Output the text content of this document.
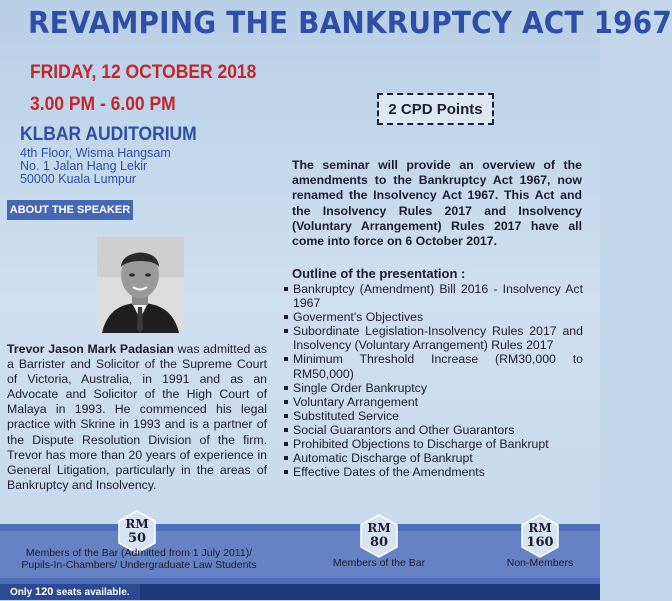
REVAMPING THE BANKRUPTCY ACT 1967
FRIDAY, 12 OCTOBER 2018
3.00 PM - 6.00 PM
KLBAR AUDITORIUM
4th Floor, Wisma Hangsam
No. 1 Jalan Hang Lekir
50000 Kuala Lumpur
2 CPD Points
ABOUT THE SPEAKER
Trevor Jason Mark Padasian was admitted as a Barrister and Solicitor of the Supreme Court of Victoria, Australia, in 1991 and as an Advocate and Solicitor of the High Court of Malaya in 1993. He commenced his legal practice with Skrine in 1993 and is a partner of the Dispute Resolution Division of the firm. Trevor has more than 20 years of experience in General Litigation, particularly in the areas of Bankruptcy and Insolvency.
The seminar will provide an overview of the amendments to the Bankruptcy Act 1967, now renamed the Insolvency Act 1967. This Act and the Insolvency Rules 2017 and Insolvency (Voluntary Arrangement) Rules 2017 have all come into force on 6 October 2017.
Outline of the presentation :
Bankruptcy (Amendment) Bill 2016 - Insolvency Act 1967
Goverment's Objectives
Subordinate Legislation-Insolvency Rules 2017 and Insolvency (Voluntary Arrangement) Rules 2017
Minimum Threshold Increase (RM30,000 to RM50,000)
Single Order Bankruptcy
Voluntary Arrangement
Substituted Service
Social Guarantors and Other Guarantors
Prohibited Objections to Discharge of Bankrupt
Automatic Discharge of Bankrupt
Effective Dates of the Amendments
RM
50
Members of the Bar (Admitted from 1 July 2011)/
Pupils-In-Chambers/ Undergraduate Law Students
RM
80
Members of the Bar
RM
160
Non-Members
Only 120 seats available.
